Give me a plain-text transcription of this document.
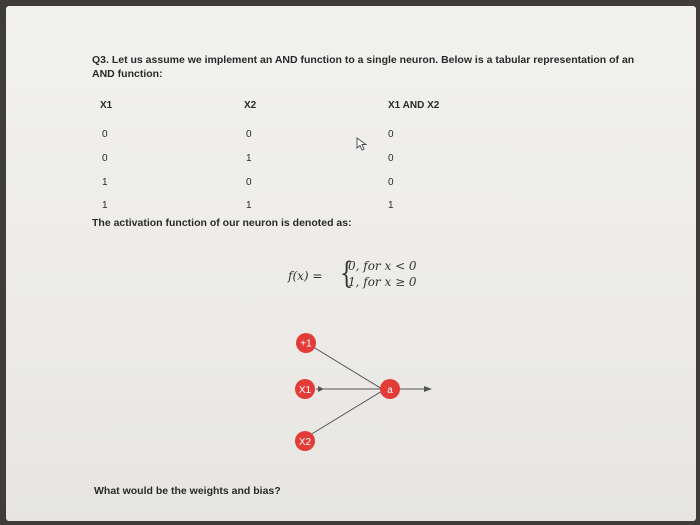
Q3. Let us assume we implement an AND function to a single neuron. Below is a tabular representation of an AND function:
X1	X2	X1 AND X2
0	0	0
0	1	0
1	0	0
1	1	1
The activation function of our neuron is denoted as:
f(x) = {
0, for x < 0
1, for x ≥ 0
+1
X1
X2
a
What would be the weights and bias?
